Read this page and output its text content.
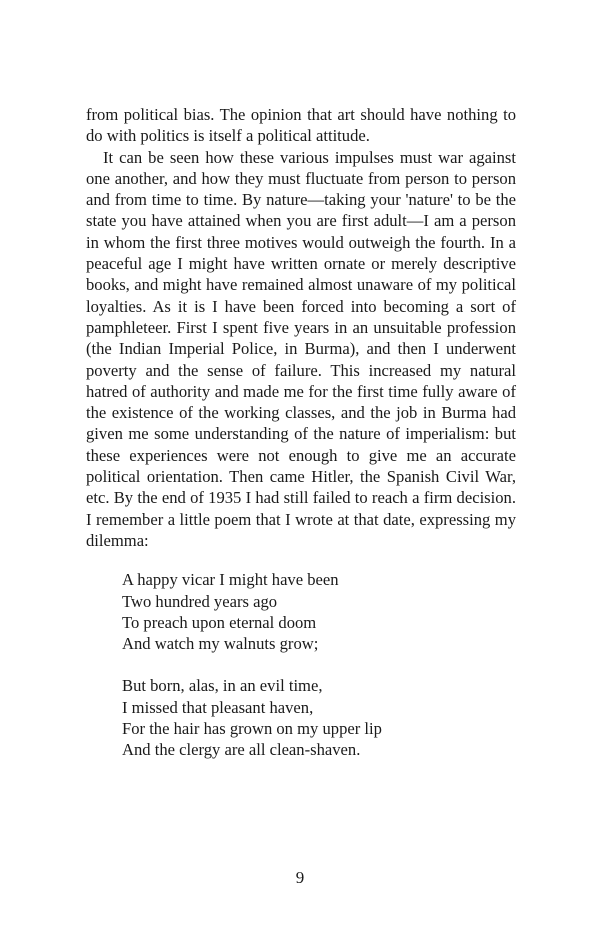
from political bias. The opinion that art should have nothing to do with politics is itself a political attitude.

It can be seen how these various impulses must war against one another, and how they must fluctuate from person to person and from time to time. By nature—taking your 'nature' to be the state you have attained when you are first adult—I am a person in whom the first three motives would outweigh the fourth. In a peaceful age I might have written ornate or merely descriptive books, and might have remained almost unaware of my political loyalties. As it is I have been forced into becoming a sort of pamphleteer. First I spent five years in an unsuitable profession (the Indian Imperial Police, in Burma), and then I underwent poverty and the sense of failure. This increased my natural hatred of authority and made me for the first time fully aware of the existence of the working classes, and the job in Burma had given me some understanding of the nature of imperialism: but these experiences were not enough to give me an accurate political orientation. Then came Hitler, the Spanish Civil War, etc. By the end of 1935 I had still failed to reach a firm decision. I remember a little poem that I wrote at that date, expressing my dilemma:

A happy vicar I might have been
Two hundred years ago
To preach upon eternal doom
And watch my walnuts grow;
But born, alas, in an evil time,
I missed that pleasant haven,
For the hair has grown on my upper lip
And the clergy are all clean-shaven.
9
